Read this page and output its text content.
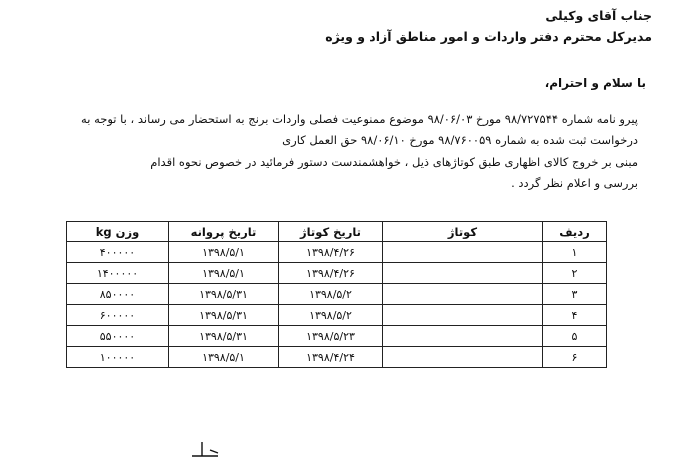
جناب آقای وکیلی
مدیرکل محترم دفتر واردات و امور مناطق آزاد و ویژه
با سلام و احترام،
پیرو نامه شماره ۹۸/۷۲۷۵۴۴ مورخ ۹۸/۰۶/۰۳ موضوع ممنوعیت فصلی واردات برنج به استحضار می رساند ، با توجه به
درخواست ثبت شده به شماره ۹۸/۷۶۰۰۵۹ مورخ ۹۸/۰۶/۱۰ حق العمل کاری
مبنی بر خروج کالای اظهاری طبق کوتاژهای ذیل ، خواهشمندست دستور فرمائید در خصوص نحوه اقدام
بررسی و اعلام نظر گردد .
ردیف	کوتاژ	تاریخ کوتاژ	تاریخ پروانه	وزن kg
۱		۱۳۹۸/۴/۲۶	۱۳۹۸/۵/۱	۴۰۰۰۰۰
۲		۱۳۹۸/۴/۲۶	۱۳۹۸/۵/۱	۱۴۰۰۰۰۰
۳		۱۳۹۸/۵/۲	۱۳۹۸/۵/۳۱	۸۵۰۰۰۰
۴		۱۳۹۸/۵/۲	۱۳۹۸/۵/۳۱	۶۰۰۰۰۰
۵		۱۳۹۸/۵/۲۳	۱۳۹۸/۵/۳۱	۵۵۰۰۰۰
۶		۱۳۹۸/۴/۲۴	۱۳۹۸/۵/۱	۱۰۰۰۰۰
